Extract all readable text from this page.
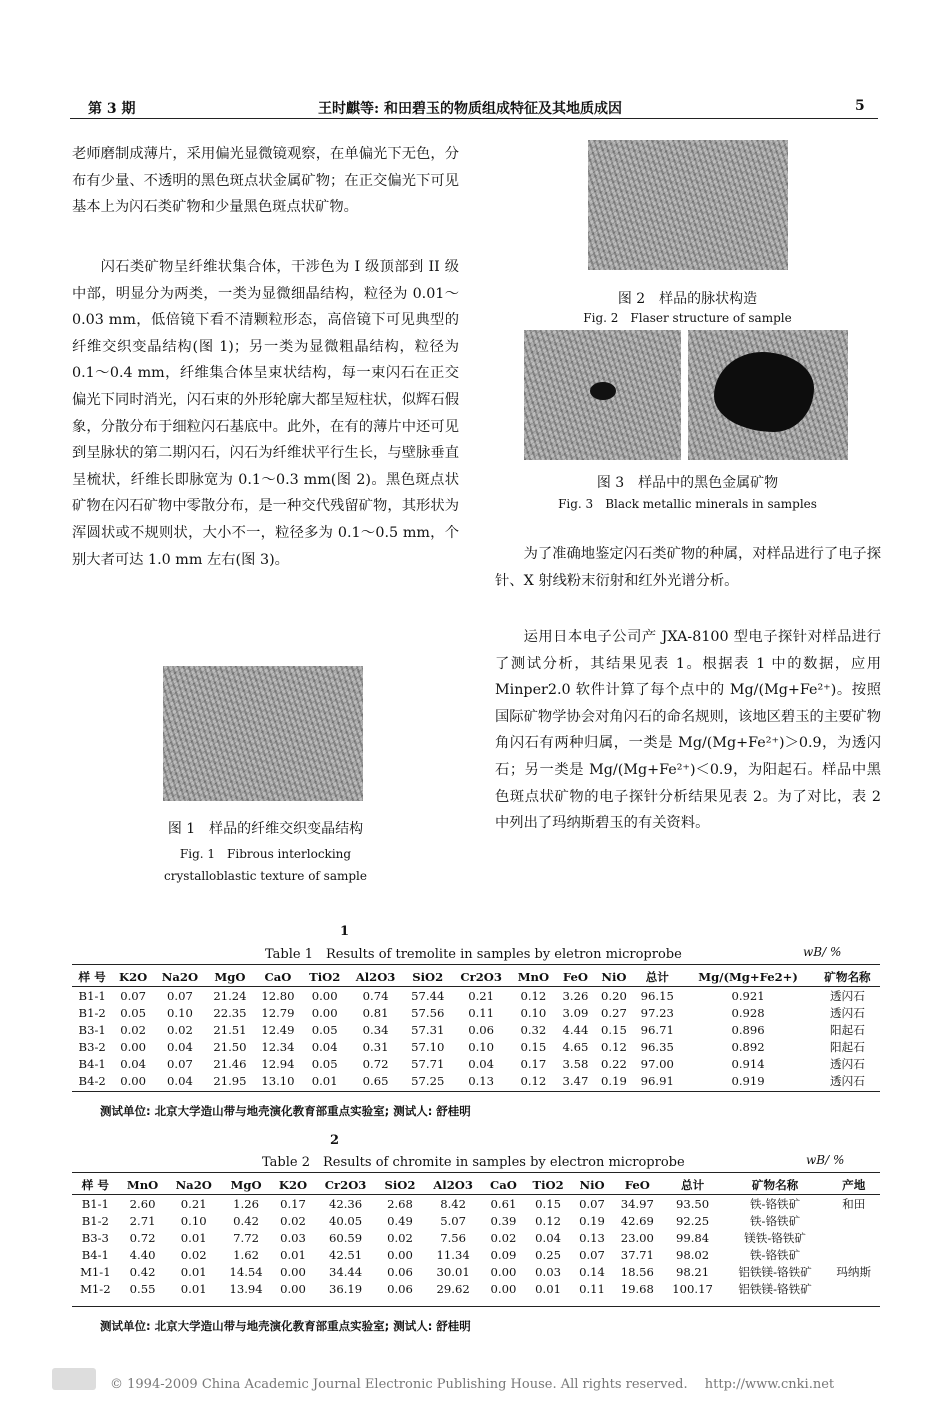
第 3 期	王时麒等: 和田碧玉的物质组成特征及其地质成因	5

老师磨制成薄片，采用偏光显微镜观察，在单偏光下无色，分布有少量、不透明的黑色斑点状金属矿物；在正交偏光下可见基本上为闪石类矿物和少量黑色斑点状矿物。

闪石类矿物呈纤维状集合体，干涉色为 I 级顶部到 II 级中部，明显分为两类，一类为显微细晶结构，粒径为 0.01～0.03 mm，低倍镜下看不清颗粒形态，高倍镜下可见典型的纤维交织变晶结构(图 1)；另一类为显微粗晶结构，粒径为 0.1～0.4 mm，纤维集合体呈束状结构，每一束闪石在正交偏光下同时消光，闪石束的外形轮廓大都呈短柱状，似辉石假象，分散分布于细粒闪石基底中。此外，在有的薄片中还可见到呈脉状的第二期闪石，闪石为纤维状平行生长，与壁脉垂直呈梳状，纤维长即脉宽为 0.1～0.3 mm(图 2)。黑色斑点状矿物在闪石矿物中零散分布，是一种交代残留矿物，其形状为浑圆状或不规则状，大小不一，粒径多为 0.1～0.5 mm，个别大者可达 1.0 mm 左右(图 3)。

图 1　样品的纤维交织变晶结构
Fig. 1　Fibrous interlocking
crystalloblastic texture of sample
图 2　样品的脉状构造
Fig. 2　Flaser structure of sample
图 3　样品中的黑色金属矿物
Fig. 3　Black metallic minerals in samples

为了准确地鉴定闪石类矿物的种属，对样品进行了电子探针、X 射线粉末衍射和红外光谱分析。

运用日本电子公司产 JXA-8100 型电子探针对样品进行了测试分析，其结果见表 1。根据表 1 中的数据，应用 Minper2.0 软件计算了每个点中的 Mg/(Mg+Fe²⁺)。按照国际矿物学协会对角闪石的命名规则，该地区碧玉的主要矿物角闪石有两种归属，一类是 Mg/(Mg+Fe²⁺)＞0.9，为透闪石；另一类是 Mg/(Mg+Fe²⁺)＜0.9，为阳起石。样品中黑色斑点状矿物的电子探针分析结果见表 2。为了对比，表 2 中列出了玛纳斯碧玉的有关资料。

1
Table 1　Results of tremolite in samples by eletron microprobe	wB/ %
样 号	K2O	Na2O	MgO	CaO	TiO2	Al2O3	SiO2	Cr2O3	MnO	FeO	NiO	总计	Mg/(Mg+Fe2+)	矿物名称
B1-1	0.07	0.07	21.24	12.80	0.00	0.74	57.44	0.21	0.12	3.26	0.20	96.15	0.921	透闪石
B1-2	0.05	0.10	22.35	12.79	0.00	0.81	57.56	0.11	0.10	3.09	0.27	97.23	0.928	透闪石
B3-1	0.02	0.02	21.51	12.49	0.05	0.34	57.31	0.06	0.32	4.44	0.15	96.71	0.896	阳起石
B3-2	0.00	0.04	21.50	12.34	0.04	0.31	57.10	0.10	0.15	4.65	0.12	96.35	0.892	阳起石
B4-1	0.04	0.07	21.46	12.94	0.05	0.72	57.71	0.04	0.17	3.58	0.22	97.00	0.914	透闪石
B4-2	0.00	0.04	21.95	13.10	0.01	0.65	57.25	0.13	0.12	3.47	0.19	96.91	0.919	透闪石
测试单位: 北京大学造山带与地壳演化教育部重点实验室; 测试人: 舒桂明
2
Table 2　Results of chromite in samples by electron microprobe	wB/ %
样 号	MnO	Na2O	MgO	K2O	Cr2O3	SiO2	Al2O3	CaO	TiO2	NiO	FeO	总计	矿物名称	产地
B1-1	2.60	0.21	1.26	0.17	42.36	2.68	8.42	0.61	0.15	0.07	34.97	93.50	铁-铬铁矿	和田
B1-2	2.71	0.10	0.42	0.02	40.05	0.49	5.07	0.39	0.12	0.19	42.69	92.25	铁-铬铁矿	
B3-3	0.72	0.01	7.72	0.03	60.59	0.02	7.56	0.02	0.04	0.13	23.00	99.84	镁铁-铬铁矿	
B4-1	4.40	0.02	1.62	0.01	42.51	0.00	11.34	0.09	0.25	0.07	37.71	98.02	铁-铬铁矿	
M1-1	0.42	0.01	14.54	0.00	34.44	0.06	30.01	0.00	0.03	0.14	18.56	98.21	铝铁镁-铬铁矿	玛纳斯
M1-2	0.55	0.01	13.94	0.00	36.19	0.06	29.62	0.00	0.01	0.11	19.68	100.17	铝铁镁-铬铁矿	
测试单位: 北京大学造山带与地壳演化教育部重点实验室; 测试人: 舒桂明
© 1994-2009 China Academic Journal Electronic Publishing House. All rights reserved.　 http://www.cnki.net
